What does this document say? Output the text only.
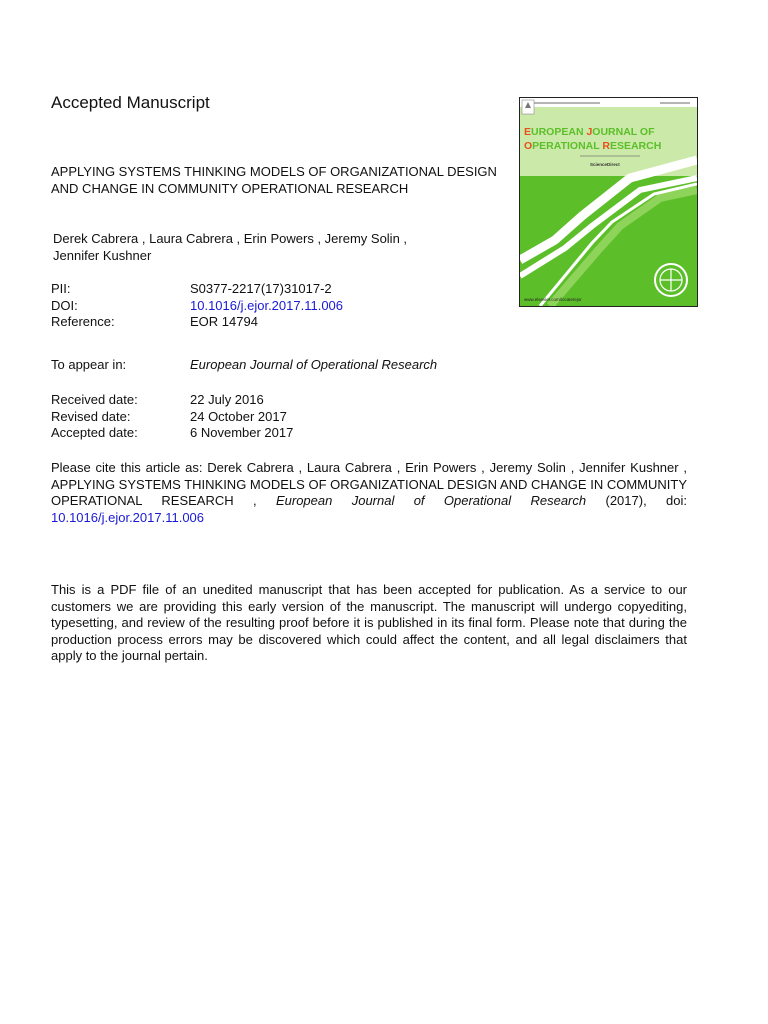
Accepted Manuscript
APPLYING SYSTEMS THINKING MODELS OF ORGANIZATIONAL DESIGN AND CHANGE IN COMMUNITY OPERATIONAL RESEARCH
Derek Cabrera , Laura Cabrera , Erin Powers , Jeremy Solin ,
Jennifer Kushner
PII:	S0377-2217(17)31017-2
DOI:	10.1016/j.ejor.2017.11.006
Reference:	EOR 14794
To appear in:	European Journal of Operational Research
Received date:	22 July 2016
Revised date:	24 October 2017
Accepted date:	6 November 2017
Please cite this article as: Derek Cabrera , Laura Cabrera , Erin Powers , Jeremy Solin , Jennifer Kushner , APPLYING SYSTEMS THINKING MODELS OF ORGANIZATIONAL DESIGN AND CHANGE IN COMMUNITY OPERATIONAL RESEARCH , European Journal of Operational Research (2017), doi: 10.1016/j.ejor.2017.11.006
This is a PDF file of an unedited manuscript that has been accepted for publication. As a service to our customers we are providing this early version of the manuscript. The manuscript will undergo copyediting, typesetting, and review of the resulting proof before it is published in its final form. Please note that during the production process errors may be discovered which could affect the content, and all legal disclaimers that apply to the journal pertain.
EUROPEAN JOURNAL OF
OPERATIONAL RESEARCH
ScienceDirect
www.elsevier.com/locate/ejor
